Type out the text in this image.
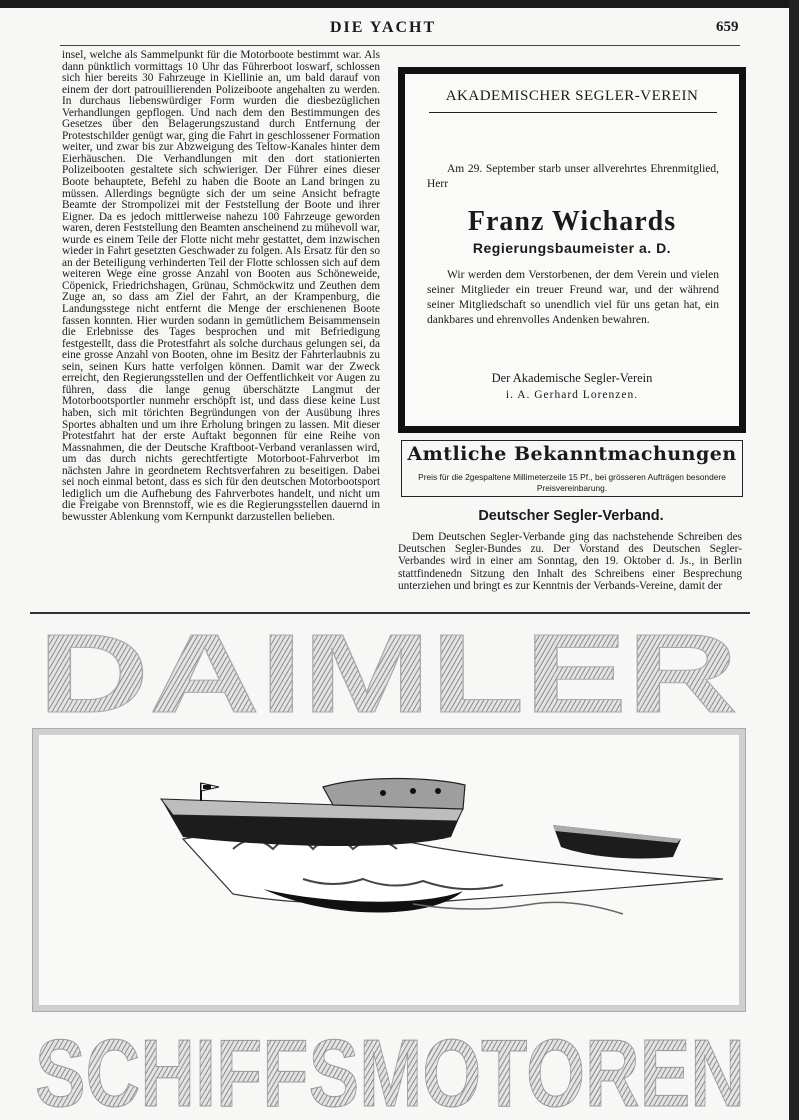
DIE YACHT	659

insel, welche als Sammelpunkt für die Motorboote bestimmt war. Als dann pünktlich vormittags 10 Uhr das Führerboot loswarf, schlossen sich hier bereits 30 Fahrzeuge in Kiellinie an, um bald darauf von einem der dort patrouillierenden Polizeiboote angehalten zu werden. In durchaus liebenswürdiger Form wurden die diesbezüglichen Verhandlungen gepflogen. Und nach dem den Bestimmungen des Gesetzes über den Belagerungszustand durch Entfernung der Protestschilder genügt war, ging die Fahrt in geschlossener Formation weiter, und zwar bis zur Abzweigung des Teltow-Kanales hinter dem Eierhäuschen. Die Verhandlungen mit den dort stationierten Polizeibooten gestaltete sich schwieriger. Der Führer eines dieser Boote behauptete, Befehl zu haben die Boote an Land bringen zu müssen. Allerdings begnügte sich der um seine Ansicht befragte Beamte der Strompolizei mit der Feststellung der Boote und ihrer Eigner. Da es jedoch mittlerweise nahezu 100 Fahrzeuge geworden waren, deren Feststellung den Beamten anscheinend zu mühevoll war, wurde es einem Teile der Flotte nicht mehr gestattet, dem inzwischen wieder in Fahrt gesetzten Geschwader zu folgen. Als Ersatz für den so an der Beteiligung verhinderten Teil der Flotte schlossen sich auf dem weiteren Wege eine grosse Anzahl von Booten aus Schöneweide, Cöpenick, Friedrichshagen, Grünau, Schmöckwitz und Zeuthen dem Zuge an, so dass am Ziel der Fahrt, an der Krampenburg, die Landungsstege nicht entfernt die Menge der erschienenen Boote fassen konnten. Hier wurden sodann in gemütlichem Beisammensein die Erlebnisse des Tages besprochen und mit Befriedigung festgestellt, dass die Protestfahrt als solche durchaus gelungen sei, da eine grosse Anzahl von Booten, ohne im Besitz der Fahrterlaubnis zu sein, seinen Kurs hatte verfolgen können. Damit war der Zweck erreicht, den Regierungsstellen und der Oeffentlichkeit vor Augen zu führen, dass die lange genug überschätzte Langmut der Motorbootsportler nunmehr erschöpft ist, und dass diese keine Lust haben, sich mit törichten Begründungen von der Ausübung ihres Sportes abhalten und um ihre Erholung bringen zu lassen. Mit dieser Protestfahrt hat der erste Auftakt begonnen für eine Reihe von Massnahmen, die der Deutsche Kraftboot-Verband veranlassen wird, um das durch nichts gerechtfertigte Motorboot-Fahrverbot im nächsten Jahre in geordnetem Rechtsverfahren zu beseitigen. Dabei sei noch einmal betont, dass es sich für den deutschen Motorbootsport lediglich um die Aufhebung des Fahrverbotes handelt, und nicht um die Freigabe von Brennstoff, wie es die Regierungsstellen dauernd in bewusster Ablenkung vom Kernpunkt darzustellen belieben.

AKADEMISCHER SEGLER-VEREIN
Am 29. September starb unser allverehrtes Ehrenmitglied, Herr
Franz Wichards
Regierungsbaumeister a. D.
Wir werden dem Verstorbenen, der dem Verein und vielen seiner Mitglieder ein treuer Freund war, und der während seiner Mitgliedschaft so unendlich viel für uns getan hat, ein dankbares und ehrenvolles Andenken bewahren.
Der Akademische Segler-Verein
i. A. Gerhard Lorenzen.
Amtliche Bekanntmachungen
Preis für die 2gespaltene Millimeterzeile 15 Pf., bei grösseren Aufträgen besondere Preisvereinbarung.
Deutscher Segler-Verband.
Dem Deutschen Segler-Verbande ging das nachstehende Schreiben des Deutschen Segler-Bundes zu. Der Vorstand des Deutschen Segler-Verbandes wird in einer am Sonntag, den 19. Oktober d. Js., in Berlin stattfindenedn Sitzung den Inhalt des Schreibens einer Besprechung unterziehen und bringt es zur Kenntnis der Verbands-Vereine, damit der
DAIMLER
SCHIFFSMOTOREN
